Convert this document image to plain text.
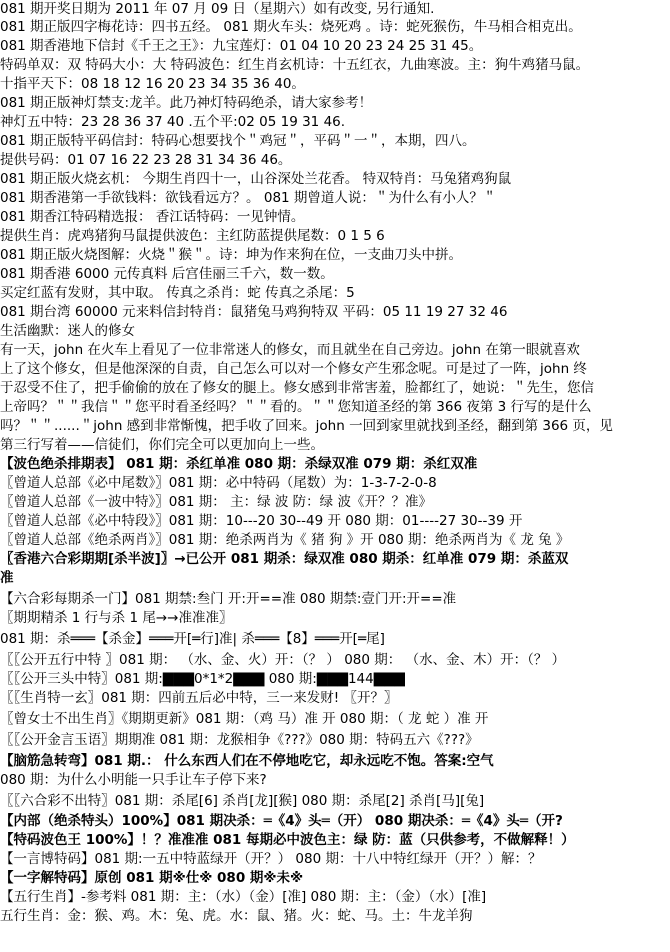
081 期开奖日期为 2011 年 07 月 09 日（星期六）如有改变, 另行通知.
081 期正版四字梅花诗：四书五经。 081 期火车头：烧死鸡 。诗：蛇死猴伤，牛马相合相克出。
081 期香港地下信封《千王之王》：九宝莲灯：01 04 10 20 23 24 25 31 45。
特码单双：双 特码大小：大 特码波色：红生肖玄机诗：十五红衣，九曲寒波。主：狗牛鸡猪马鼠。
十指平天下：08 18 12 16 20 23 34 35 36 40。
081 期正版神灯禁支:龙羊。此乃神灯特码绝杀，请大家参考！
神灯五中特：23 28 36 37 40 .五个平:02 05 19 31 46.
081 期正版特平码信封：特码心想要找个＂鸡冠＂，平码＂一＂，本期，四八。
提供号码：01 07 16 22 23 28 31 34 36 46。
081 期正版火烧玄机： 今期生肖四十一，山谷深处兰花香。 特双特肖：马兔猪鸡狗鼠
081 期香港第一手欲钱料：欲钱看远方？。 081 期曾道人说：＂为什么有小人？＂
081 期香江特码精选报： 香江话特码：一见钟情。
提供生肖：虎鸡猪狗马鼠提供波色：主红防蓝提供尾数：0 1 5 6
081 期正版火烧图解：火烧＂猴＂。诗：坤为作来狗在位，一支曲刀头中拼。
081 期香港 6000 元传真料 后宫佳丽三千六，数一数。
买定红蓝有发财，其中取。 传真之杀肖：蛇 传真之杀尾：5
081 期台湾 60000 元来料信封特肖：鼠猪兔马鸡狗特双 平码：05 11 19 27 32 46
生活幽默：迷人的修女
有一天，john 在火车上看见了一位非常迷人的修女，而且就坐在自己旁边。john 在第一眼就喜欢
上了这个修女，但是他深深的自责，自己怎么可以对一个修女产生邪念呢。可是过了一阵，john 终
于忍受不住了，把手偷偷的放在了修女的腿上。修女感到非常害羞，脸都红了，她说：＂先生，您信
上帝吗？＂＂我信＂＂您平时看圣经吗？＂＂看的。＂＂您知道圣经的第 366 夜第 3 行写的是什么
吗？＂＂......＂john 感到非常惭愧，把手收了回来。john 一回到家里就找到圣经，翻到第 366 页，见
第三行写着——信徒们，你们完全可以更加向上一些。
【波色绝杀排期表】 081 期：杀红单准 080 期：杀绿双准 079 期：杀红双准
〖曾道人总部《必中尾数》〗081 期：必中特码（尾数）为：1-3-7-2-0-8
〖曾道人总部《一波中特》〗081 期： 主：绿 波 防：绿 波《开？？准》
〖曾道人总部《必中特段》〗081 期：10---20 30--49 开 080 期：01----27 30--39 开
〖曾道人总部《绝杀两肖》〗081 期：绝杀两肖为《 猪 狗 》开 080 期：绝杀两肖为《 龙 兔 》
〖香港六合彩期期[杀半波]〗→已公开 081 期杀：绿双准 080 期杀：红单准 079 期：杀蓝双
准
【六合彩每期杀一门】081 期禁:叁门 开:开==准 080 期禁:壹门开:开==准
〖期期精杀 1 行与杀 1 尾→→准准准〗
081 期：杀═══【杀金】═══开[═行]准| 杀═══【8】═══开[═尾]
〖〖公开五行中特 〗081 期： （水、金、火）开：（？ ） 080 期： （水、金、木）开：（？ ）
〖〖公开三头中特〗081 期:▇▇▇0*1*2▇▇▇ 080 期:▇▇▇144▇▇▇
〖〖生肖特一玄〗081 期：四前五后必中特，三一来发财! 〖开？〗
〖曾女士不出生肖〗《期期更新》081 期：（鸡 马）准 开 080 期：（ 龙 蛇 ）准 开
〖〖公开金言玉语〗期期准 081 期：龙猴相争《???》080 期：特码五六《???》
【脑筋急转弯】081 期.： 什么东西人们在不停地吃它，却永远吃不饱。答案:空气
080 期：为什么小明能一只手让车子停下来?
〖〖六合彩不出特〗081 期：杀尾[6] 杀肖[龙][猴] 080 期：杀尾[2] 杀肖[马][兔]
【内部（绝杀特头）100%】081 期决杀：═《4》头═（开） 080 期决杀：═《4》头═（开?
【特码波色王 100%】！？准准准 081 每期必中波色主：绿 防：蓝（只供参考，不做解释！）
【一言博特码】081 期:一五中特蓝绿开（开？） 080 期：十八中特红绿开（开？）解：？
【一字解特码】原创 081 期※仕※ 080 期※未※
【五行生肖】-参考料 081 期：主：（水）（金）[准] 080 期：主：（金）（水）[准]
五行生肖：金：猴、鸡。木：兔、虎。水：鼠、猪。火：蛇、马。土：牛龙羊狗
